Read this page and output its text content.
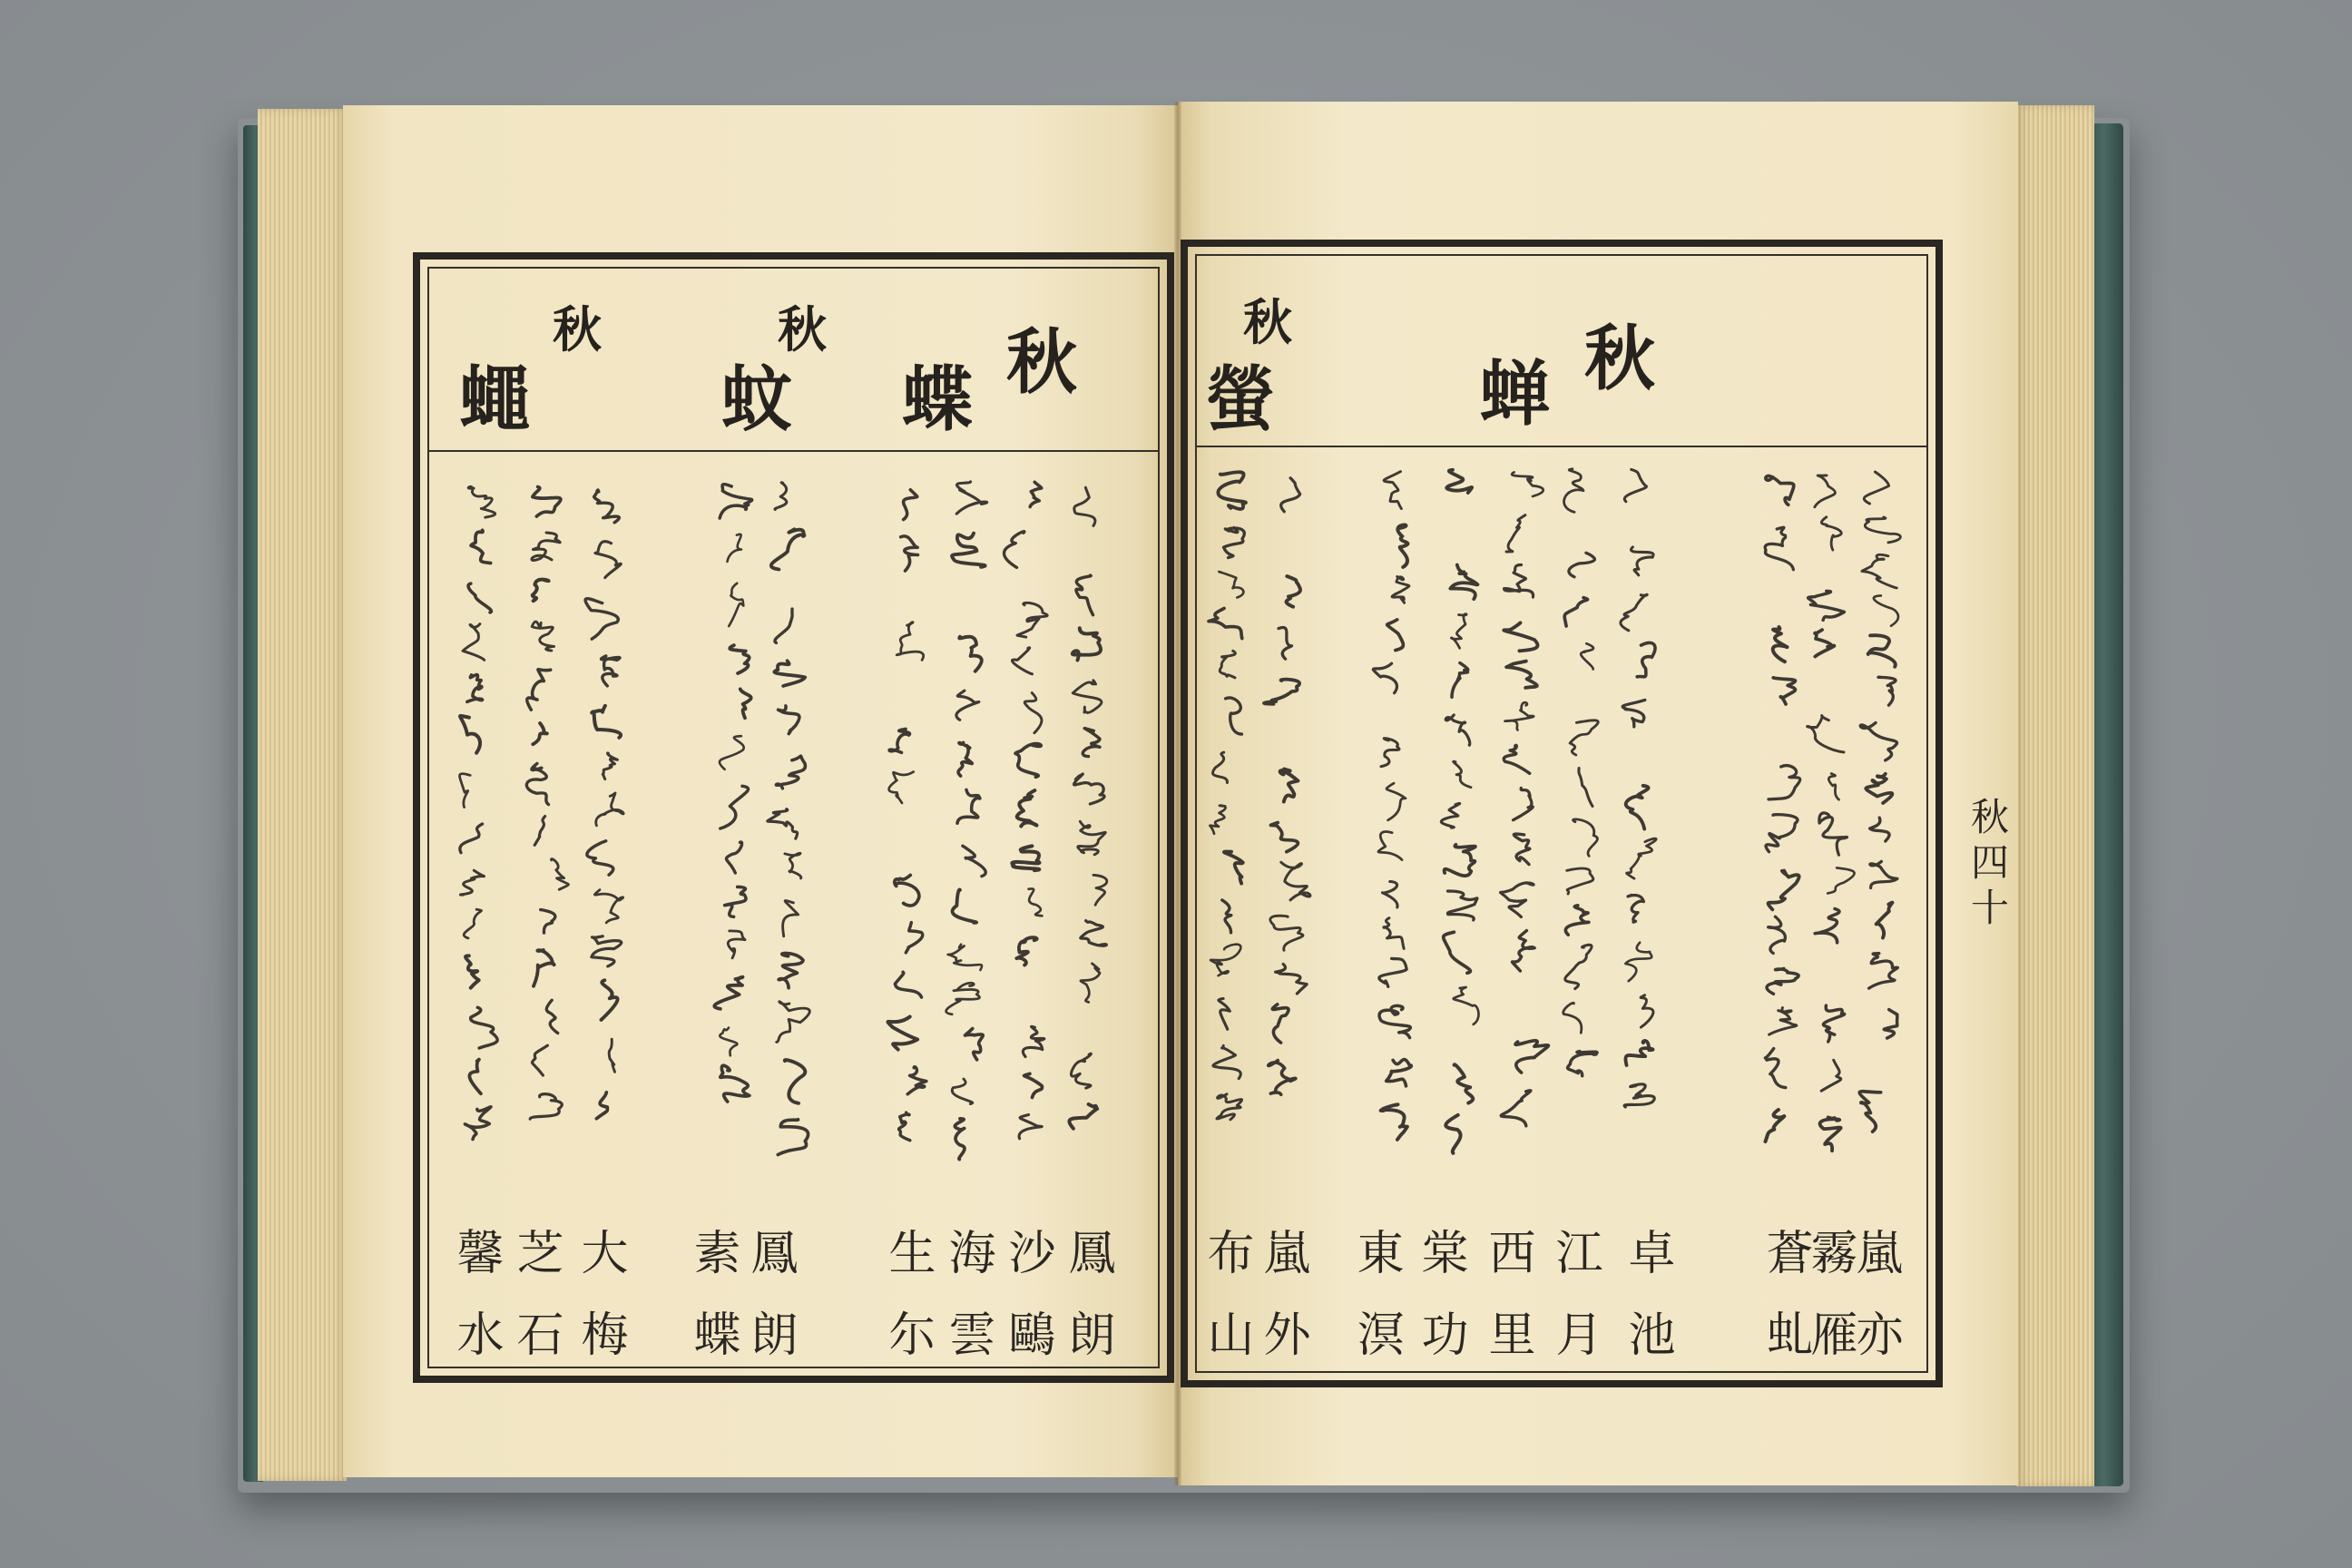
秋
蝉
秋
螢
嵐亦
霧雁
蒼虬
卓池
江月
西里
棠功
東溟
嵐外
布山
秋
蝶
秋
蚊
秋
蠅
鳳朗
沙鷗
海雲
生尓
鳳朗
素蝶
大梅
芝石
馨水
秋四十
